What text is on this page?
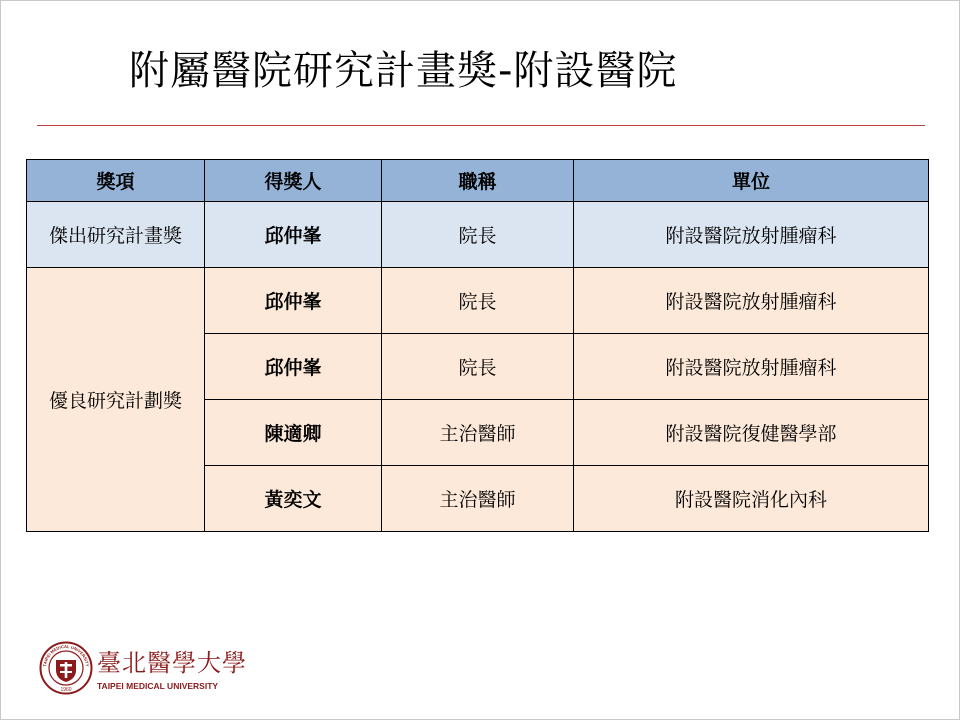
附屬醫院研究計畫獎-附設醫院
獎項	得獎人	職稱	單位
傑出研究計畫獎	邱仲峯	院長	附設醫院放射腫瘤科
優良研究計劃獎	邱仲峯	院長	附設醫院放射腫瘤科
	邱仲峯	院長	附設醫院放射腫瘤科
	陳適卿	主治醫師	附設醫院復健醫學部
	黃奕文	主治醫師	附設醫院消化內科
1960
TAIPEI MEDICAL UNIVERSITY 臺北醫學大學
TAIPEI MEDICAL UNIVERSITY
